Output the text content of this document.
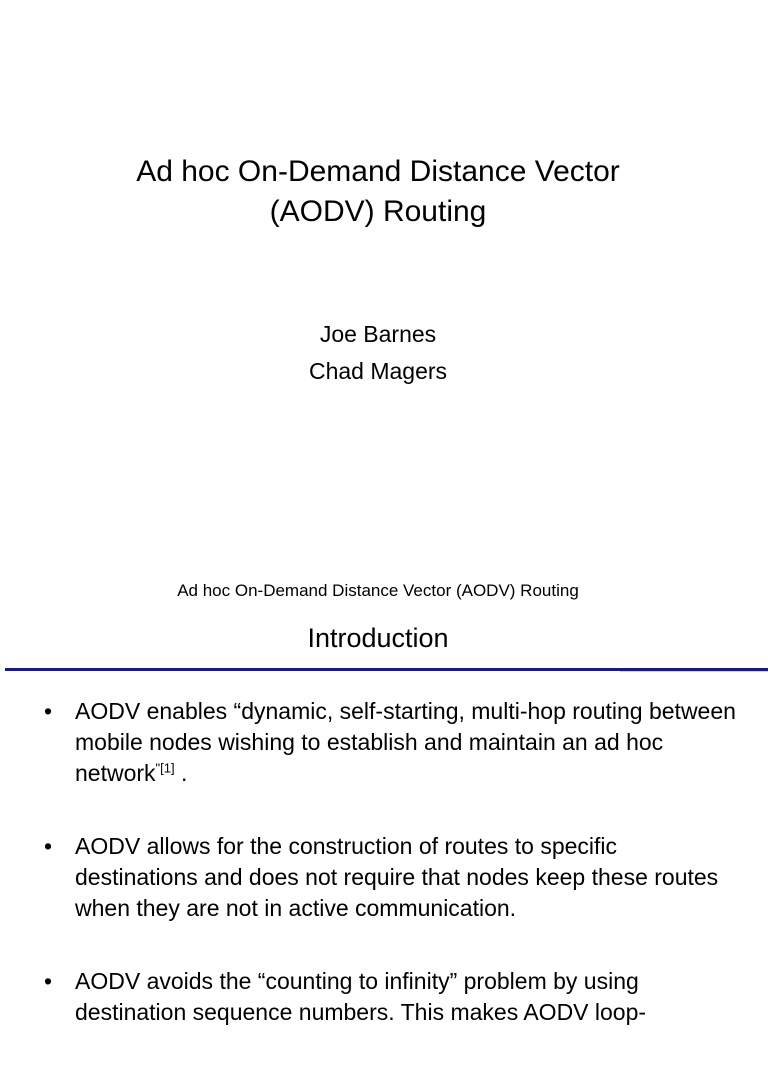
Ad hoc On-Demand Distance Vector
(AODV) Routing
Joe Barnes
Chad Magers
Ad hoc On-Demand Distance Vector (AODV) Routing
Introduction
• AODV enables “dynamic, self-starting, multi-hop routing between mobile nodes wishing to establish and maintain an ad hoc network$^{"[1]}$ .
• AODV allows for the construction of routes to specific destinations and does not require that nodes keep these routes when they are not in active communication.
• AODV avoids the “counting to infinity” problem by using destination sequence numbers. This makes AODV loop-
